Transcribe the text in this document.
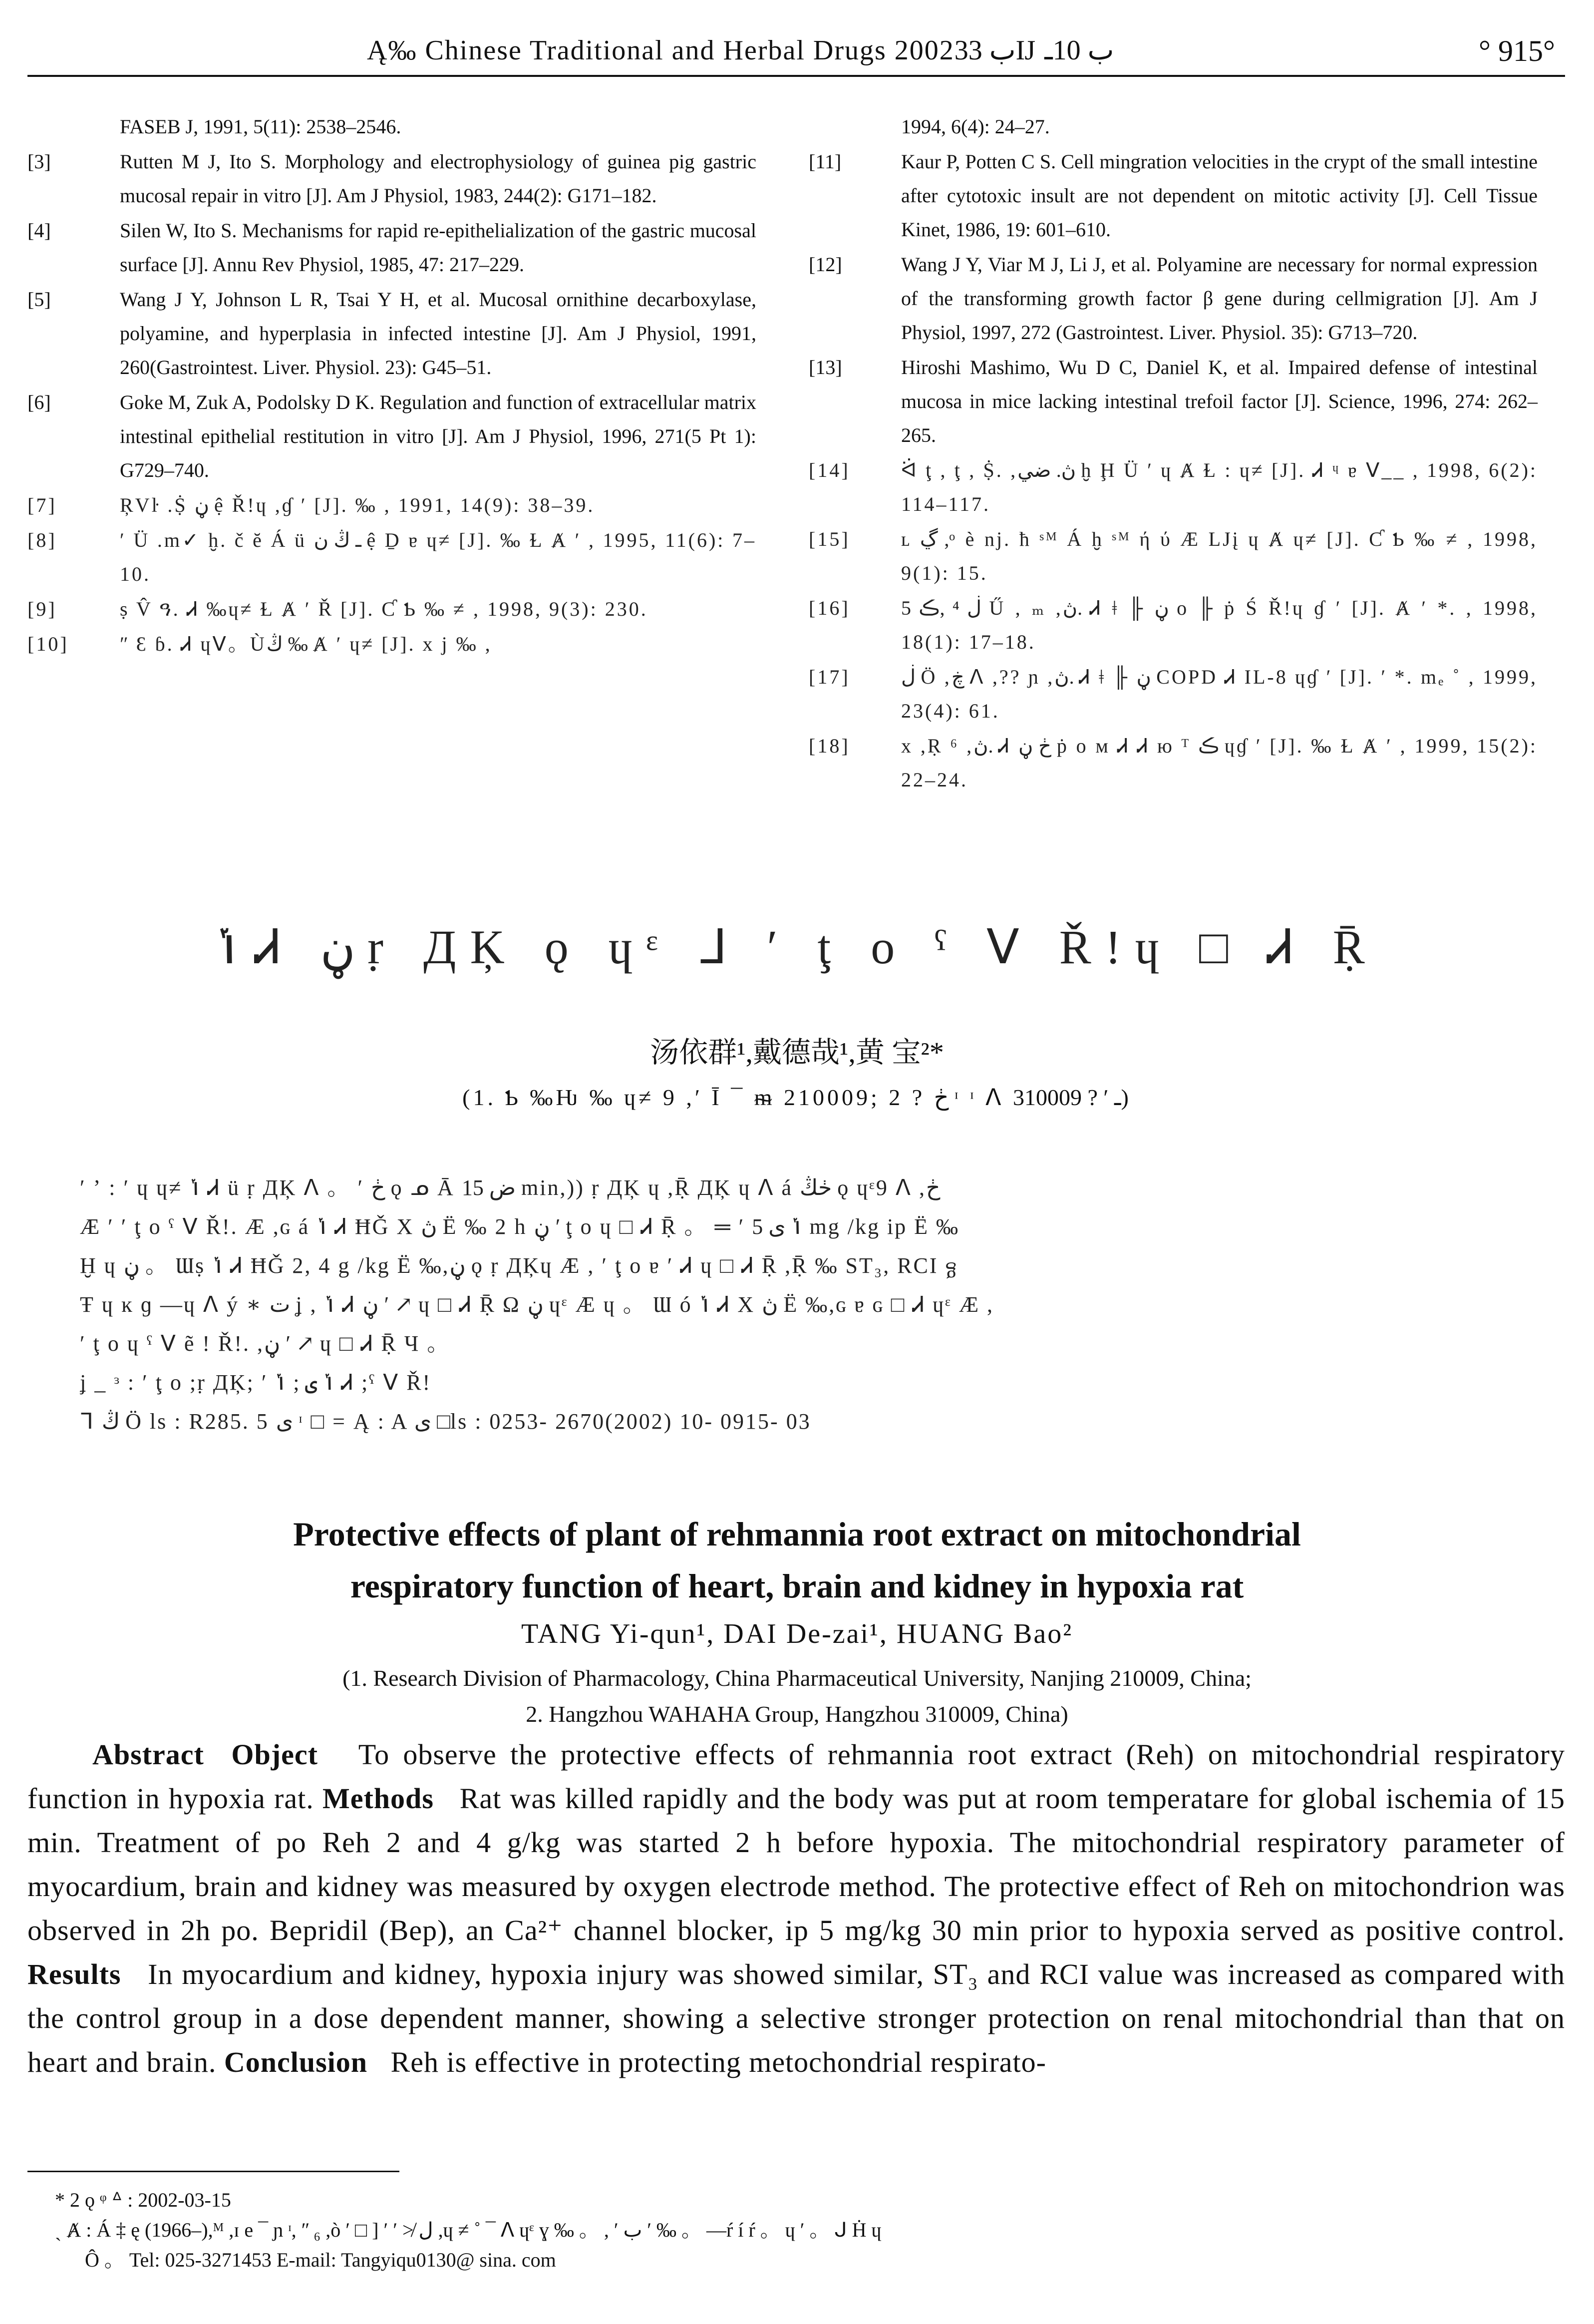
Ą‰ Chinese Traditional and Herbal Drugs 2002ب 33Ĳ ب 10ـ	° 915°
FASEB J, 1991, 5(11): 2538–2546.
[3]	Rutten M J, Ito S. Morphology and electrophysiology of guinea pig gastric mucosal repair in vitro [J]. Am J Physiol, 1983, 244(2): G171–182.
[4]	Silen W, Ito S. Mechanisms for rapid re-epithelialization of the gastric mucosal surface [J]. Annu Rev Physiol, 1985, 47: 217–229.
[5]	Wang J Y, Johnson L R, Tsai Y H, et al. Mucosal ornithine decarboxylase, polyamine, and hyperplasia in infected intestine [J]. Am J Physiol, 1991, 260(Gastrointest. Liver. Physiol. 23): G45–51.
[6]	Goke M, Zuk A, Podolsky D K. Regulation and function of extracellular matrix intestinal epithelial restitution in vitro [J]. Am J Physiol, 1996, 271(5 Pt 1): G729–740.
[7]	ŖVŀ .Ṩ ڼ ệ Ř!ɥ ,ɠ ʹ [J]. ‰ , 1991, 14(9): 38–39.
[8]	ʹ Ü .m✓ ḫ. č ĕ Á ü ـ ڭ ن ệ Ḏ ɐ ɥ≠ [J]. ‰ Ɫ Ⱥ ʹ , 1995, 11(6): 7–10.
[9]	ṣ V̂ ዓ. Ꮧ ‰ɥ≠ Ɫ Ⱥ ʹ Ř [J]. Ƈ Ƅ ‰ ≠ , 1998, 9(3): 230.
[10]	ʺ Ɛ ɓ. Ꮧ ɥᐯ。Ùڭ ‰ Ⱥ ʹ ɥ≠ [J]. x j ‰ ,
1994, 6(4): 24–27.
[11]	Kaur P, Potten C S. Cell mingration velocities in the crypt of the small intestine after cytotoxic insult are not dependent on mitotic activity [J]. Cell Tissue Kinet, 1986, 19: 601–610.
[12]	Wang J Y, Viar M J, Li J, et al. Polyamine are necessary for normal expression of the transforming growth factor β gene during cellmigration [J]. Am J Physiol, 1997, 272 (Gastrointest. Liver. Physiol. 35): G713–720.
[13]	Hiroshi Mashimo, Wu D C, Daniel K, et al. Impaired defense of intestinal mucosa in mice lacking intestinal trefoil factor [J]. Science, 1996, 274: 262–265.
[14]	ᐛ ţ , ţ , Ṩ. ,ڽ. ضي ḫ Ḩ Ü ʹ ɥ Ⱥ Ɫ : ɥ≠ [J]. Ꮧ ᶣ ɐ ᐯ__ , 1998, 6(2): 114–117.
[15]	ʟ ڲ ,ᵒ è nj. ħ ˢᴹ Á ḫ ˢᴹ ή ύ Æ LJį ɥ Ⱥ ɥ≠ [J]. Ƈ Ƅ ‰ ≠ , 1998, 9(1): 15.
[16]	ڶ ⁴ ,ڪ 5 Ű , ₘ ,ڽ. Ꮧ ǂ ╟ ڼ ο ╟ ṗ Ś Ř!ɥ ɠ ʹ [J]. Ⱥ ʹ *. , 1998, 18(1): 17–18.
[17]	ڶ Ö ,ڿ ᐱ ,?? ɲ ,ڽ. Ꮧ ǂ ╟ ڼ COPD Ꮧ IL-8 ɥɠ ʹ [J]. ʹ *. mₑ ˚ , 1999, 23(4): 61.
[18]	x ,Ṛ ⁶ ,ڽ. Ꮧ ڂ ڼ ṗ ο ᴍ Ꮧ Ꮧ ю ᵀ ڪ ɥɠ ʹ [J]. ‰ Ɫ Ⱥ ʹ , 1999, 15(2): 22–24.
ݳ Ꮧ ڼ ṛ ДĶ ǫ ɥᵋ ᒧ ʹ ţ ο ˤ ᐯ Ř!ɥ □ Ꮧ Ṝ
汤依群¹,戴德哉¹,黄 宝²*
(1. Ƅ ‰Ƕ ‰ ɥ≠ 9 ,ʹ Ī ¯ ᵯ 210009; 2 ? ڂ ᶦ ᶦ ᐱ ـ ʹ ? 310009)

ʹ ʼ : ʹ ɥ ɥ≠ ݳ Ꮧ ü ṛ ДĶ ᐱ 。 ʹ ڂ ǫ ᓄ Ā ض 15 min,)) ṛ ДĶ ɥ ,Ṝ ДĶ ɥ ᐱ á ڂڭ ǫ ɥᵋ9 ᐱ ,ڂ

Æ ʹ ʹ ţ ο ˤ ᐯ Ř!. Æ ,ɢ á ݳ Ꮧ ĦǦ X ڽ Ë ‰ 2 h ڼ ʹ ţ ο ɥ □ Ꮧ Ṝ 。 ═ ʹ ݳ ی 5 mg /kg ip Ë ‰

Ḫ ɥ ڼ 。 Ɯṣ ݳ Ꮧ ĦǦ 2, 4 g /kg Ë ‰,ڼ ǫ ṛ ДĶɥ Æ , ʹ ţ ο ɐ ʹ Ꮧ ɥ □ Ꮧ Ṝ ,Ṝ ‰ ST₃, RCI ᵷ

Ŧ ɥ ĸ ɡ —ɥ ᐱ ý ∗ ت ʝ , ݳ Ꮧ ڼ ʹ ↗ ɥ □ Ꮧ Ṝ Ω ڼ ɥᵋ Æ ɥ 。 Ɯ ó ݳ Ꮧ X ڽ Ë ‰,ɢ ɐ ɢ □ Ꮧ ɥᵋ Æ ,

ʹ ţ ο ɥ ˤ ᐯ ẽ ! Ř!. ,ڼ ʹ ↗ ɥ □ Ꮧ Ṝ Ч 。

ʝ _ ᵌ : ʹ ţ ο ;ṛ ДĶ; ʹ ݳ ی ; ݳ Ꮧ ;ˤ ᐯ Ř!

ᒣ ڭ Ö ls : R285. 5 ی ᶦ □ = Ą : A ی □ls : 0253- 2670(2002) 10- 0915- 03

Protective effects of plant of rehmannia root extract on mitochondrial
respiratory function of heart, brain and kidney in hypoxia rat
TANG Yi-qun¹, DAI De-zai¹, HUANG Bao²
(1. Research Division of Pharmacology, China Pharmaceutical University, Nanjing 210009, China;
2. Hangzhou WAHAHA Group, Hangzhou 310009, China)
Abstract Object To observe the protective effects of rehmannia root extract (Reh) on mitochondrial respiratory function in hypoxia rat. Methods Rat was killed rapidly and the body was put at room temperatare for global ischemia of 15 min. Treatment of po Reh 2 and 4 g/kg was started 2 h before hypoxia. The mitochondrial respiratory parameter of myocardium, brain and kidney was measured by oxygen electrode method. The protective effect of Reh on mitochondrion was observed in 2h po. Bepridil (Bep), an Ca²⁺ channel blocker, ip 5 mg/kg 30 min prior to hypoxia served as positive control. Results In myocardium and kidney, hypoxia injury was showed similar, ST₃ and RCI value was increased as compared with the control group in a dose dependent manner, showing a selective stronger protection on renal mitochondrial than that on heart and brain. Conclusion Reh is effective in protecting metochondrial respirato-
* 2 ǫ ᵠ ᐞ : 2002-03-15
ˏ Ⱥ : Á ‡ ę (1966–),ᴹ ,ɪ e ¯ ɲ ᶦ, ʺ ₆ ,ò ʹ □ ] ʹ ʹ ≯ ل ,ɥ ≠ ˚ ¯ ᐱ ɥᵋ ɣ ‰ 。 , ʹ ب ʹ ‰ 。 —ŕ í ŕ 。 ɥ ʹ 。 ᒍ Ḣ ɥ
Ô 。 Tel: 025-3271453 E-mail: Tangyiqu0130@ sina. com
